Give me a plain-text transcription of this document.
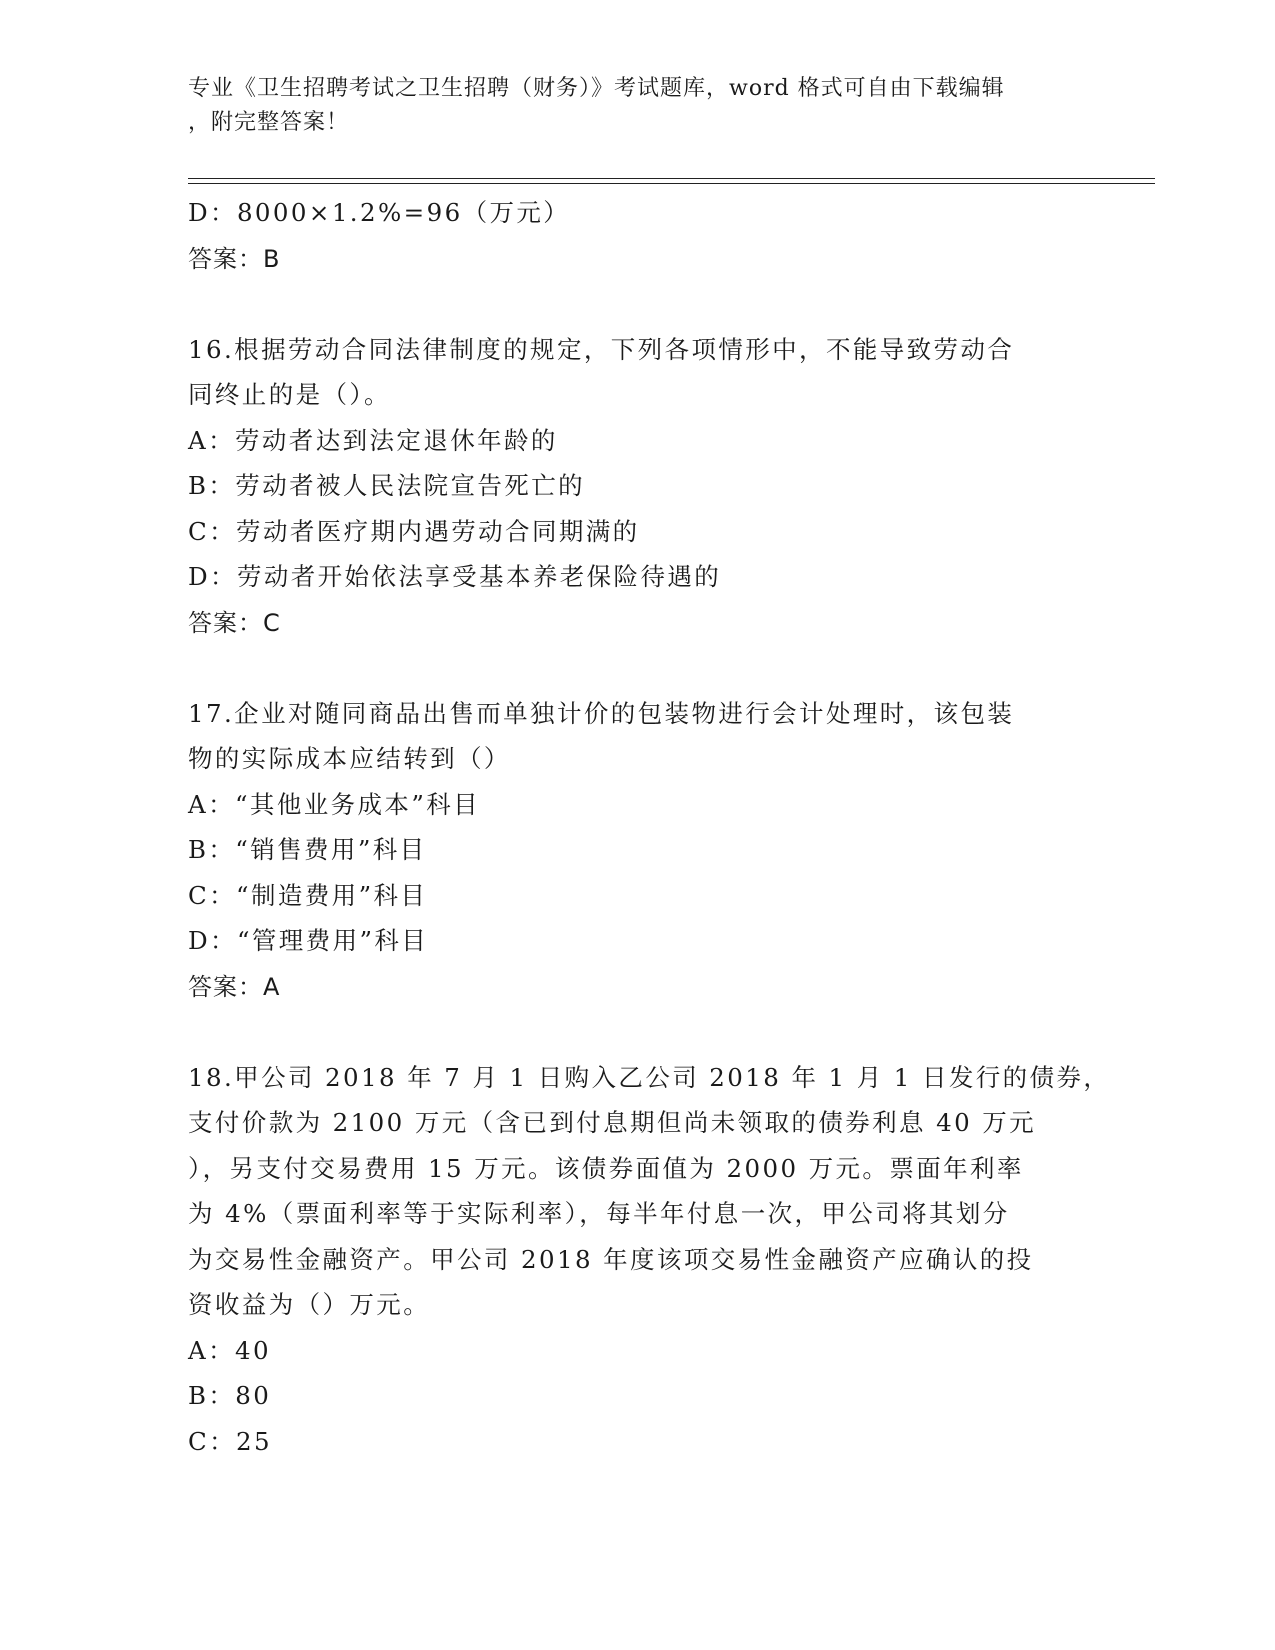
专业《卫生招聘考试之卫生招聘（财务）》考试题库，word 格式可自由下载编辑
，附完整答案！
D：8000×1.2%=96（万元）
答案：B
16.根据劳动合同法律制度的规定，下列各项情形中，不能导致劳动合
同终止的是（）。
A：劳动者达到法定退休年龄的
B：劳动者被人民法院宣告死亡的
C：劳动者医疗期内遇劳动合同期满的
D：劳动者开始依法享受基本养老保险待遇的
答案：C
17.企业对随同商品出售而单独计价的包装物进行会计处理时，该包装
物的实际成本应结转到（）
A：“其他业务成本”科目
B：“销售费用”科目
C：“制造费用”科目
D：“管理费用”科目
答案：A
18.甲公司 2018 年 7 月 1 日购入乙公司 2018 年 1 月 1 日发行的债券，
支付价款为 2100 万元（含已到付息期但尚未领取的债券利息 40 万元
），另支付交易费用 15 万元。该债券面值为 2000 万元。票面年利率
为 4%（票面利率等于实际利率），每半年付息一次，甲公司将其划分
为交易性金融资产。甲公司 2018 年度该项交易性金融资产应确认的投
资收益为（）万元。
A：40
B：80
C：25
